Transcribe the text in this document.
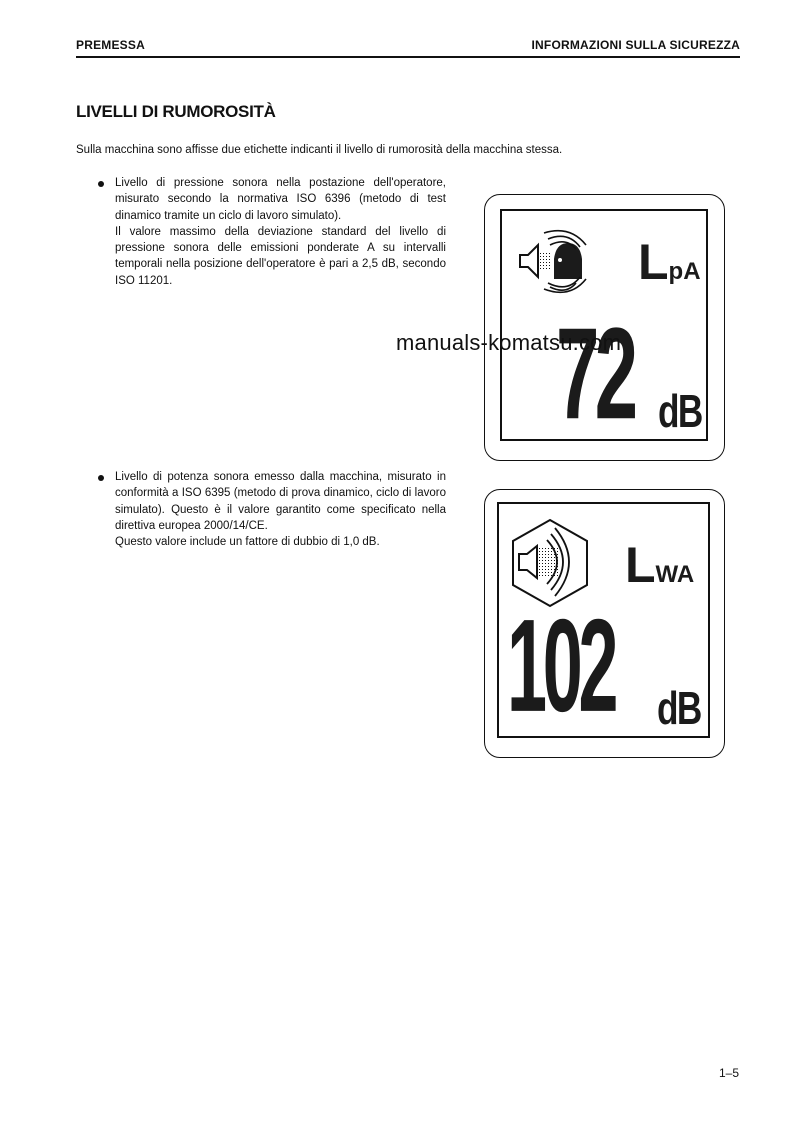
PREMESSA	INFORMAZIONI SULLA SICUREZZA
LIVELLI DI RUMOROSITÀ
Sulla macchina sono affisse due etichette indicanti il livello di rumorosità della macchina stessa.
Livello di pressione sonora nella postazione dell'operatore, misurato secondo la normativa ISO 6396 (metodo di test dinamico tramite un ciclo di lavoro simulato).
Il valore massimo della deviazione standard del livello di pressione sonora delle emissioni ponderate A su intervalli temporali nella posizione dell'operatore è pari a 2,5 dB, secondo ISO 11201.
Livello di potenza sonora emesso dalla macchina, misurato in conformità a ISO 6395 (metodo di prova dinamico, ciclo di lavoro simulato). Questo è il valore garantito come specificato nella direttiva europea 2000/14/CE.
Questo valore include un fattore di dubbio di 1,0 dB.
LpA
72 dB
LWA
102 dB
manuals-komatsu.com
1–5
